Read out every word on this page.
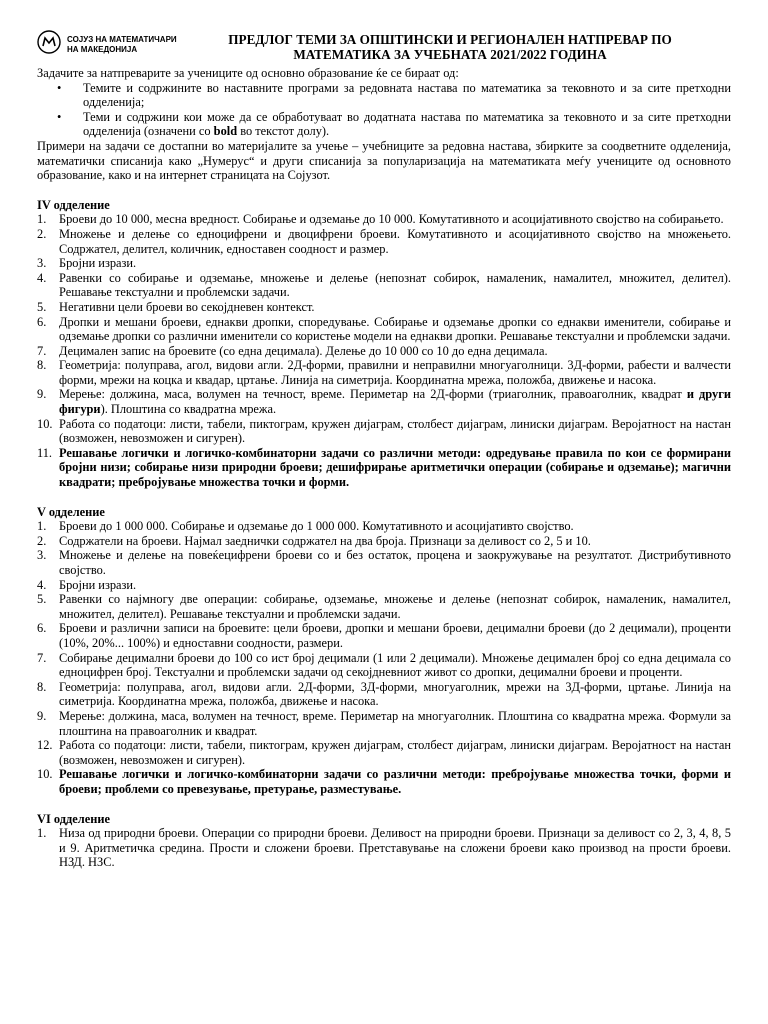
СОЈУЗ НА МАТЕМАТИЧАРИ
НА МАКЕДОНИЈА
ПРЕДЛОГ ТЕМИ ЗА ОПШТИНСКИ И РЕГИОНАЛЕН НАТПРЕВАР ПО
МАТЕМАТИКА ЗА УЧЕБНАТА 2021/2022 ГОДИНА

Задачите за натпреварите за учениците од основно образование ќе се бираат од:

• Темите и содржините во наставните програми за редовната настава по математика за тековното и за сите претходни одделенија;
• Теми и содржини кои може да се обработуваат во додатната настава по математика за тековното и за сите претходни одделенија (означени со bold во текстот долу).

Примери на задачи се достапни во материјалите за учење – учебниците за редовна настава, збирките за соодветните одделенија, математички списанија како „Нумерус“ и други списанија за популаризација на математиката меѓу учениците од основното образование, како и на интернет страницата на Сојузот.

IV одделение

1. Броеви до 10 000, месна вредност. Собирање и одземање до 10 000. Комутативното и асоцијативното својство на собирањето.
2. Множење и делење со едноцифрени и двоцифрени броеви. Комутативното и асоцијативното својство на множењето. Содржател, делител, количник, едноставен соодност и размер.
3. Бројни изрази.
4. Равенки со собирање и одземање, множење и делење (непознат собирок, намаленик, намалител, множител, делител). Решавање текстуални и проблемски задачи.
5. Негативни цели броеви во секојдневен контекст.
6. Дропки и мешани броеви, еднакви дропки, споредување. Собирање и одземање дропки со еднакви именители, собирање и одземање дропки со различни именители со користење модели на еднакви дропки. Решавање текстуални и проблемски задачи.
7. Децимален запис на броевите (со една децимала). Делење до 10 000 со 10 до една децимала.
8. Геометрија: полуправа, агол, видови агли. 2Д-форми, правилни и неправилни многуаголници. 3Д-форми, рабести и валчести форми, мрежи на коцка и квадар, цртање. Линија на симетрија. Координатна мрежа, положба, движење и насока.
9. Мерење: должина, маса, волумен на течност, време. Периметар на 2Д-форми (триаголник, правоаголник, квадрат и други фигури). Плоштина со квадратна мрежа.
10. Работа со податоци: листи, табели, пиктограм, кружен дијаграм, столбест дијаграм, линиски дијаграм. Веројатност на настан (возможен, невозможен и сигурен).
11. Решавање логички и логичко-комбинаторни задачи со различни методи: одредување правила по кои се формирани бројни низи; собирање низи природни броеви; дешифрирање аритметички операции (собирање и одземање); магични квадрати; пребројување множества точки и форми.

V одделение

1. Броеви до 1 000 000. Собирање и одземање до 1 000 000. Комутативното и асоцијативто својство.
2. Содржатели на броеви. Најмал заеднички содржател на два броја. Признаци за деливост со 2, 5 и 10.
3. Множење и делење на повеќецифрени броеви со и без остаток, процена и заокружување на резултатот. Дистрибутивното својство.
4. Бројни изрази.
5. Равенки со најмногу две операции: собирање, одземање, множење и делење (непознат собирок, намаленик, намалител, множител, делител). Решавање текстуални и проблемски задачи.
6. Броеви и различни записи на броевите: цели броеви, дропки и мешани броеви, децимални броеви (до 2 децимали), проценти (10%, 20%... 100%) и едноставни соодности, размери.
7. Собирање децимални броеви до 100 со ист број децимали (1 или 2 децимали). Множење децимален број со една децимала со едноцифрен број. Текстуални и проблемски задачи од секојдневниот живот со дропки, децимални броеви и проценти.
8. Геометрија: полуправа, агол, видови агли. 2Д-форми, 3Д-форми, многуаголник, мрежи на 3Д-форми, цртање. Линија на симетрија. Координатна мрежа, положба, движење и насока.
9. Мерење: должина, маса, волумен на течност, време. Периметар на многуаголник. Плоштина со квадратна мрежа. Формули за плоштина на правоаголник и квадрат.
12. Работа со податоци: листи, табели, пиктограм, кружен дијаграм, столбест дијаграм, линиски дијаграм. Веројатност на настан (возможен, невозможен и сигурен).
10. Решавање логички и логичко-комбинаторни задачи со различни методи: пребројување множества точки, форми и броеви; проблеми со превезување, претурање, разместување.

VI одделение

1. Низа од природни броеви. Операции со природни броеви. Деливост на природни броеви. Признаци за деливост со 2, 3, 4, 8, 5 и 9. Аритметичка средина. Прости и сложени броеви. Претставување на сложени броеви како производ на прости броеви. НЗД. НЗС.
